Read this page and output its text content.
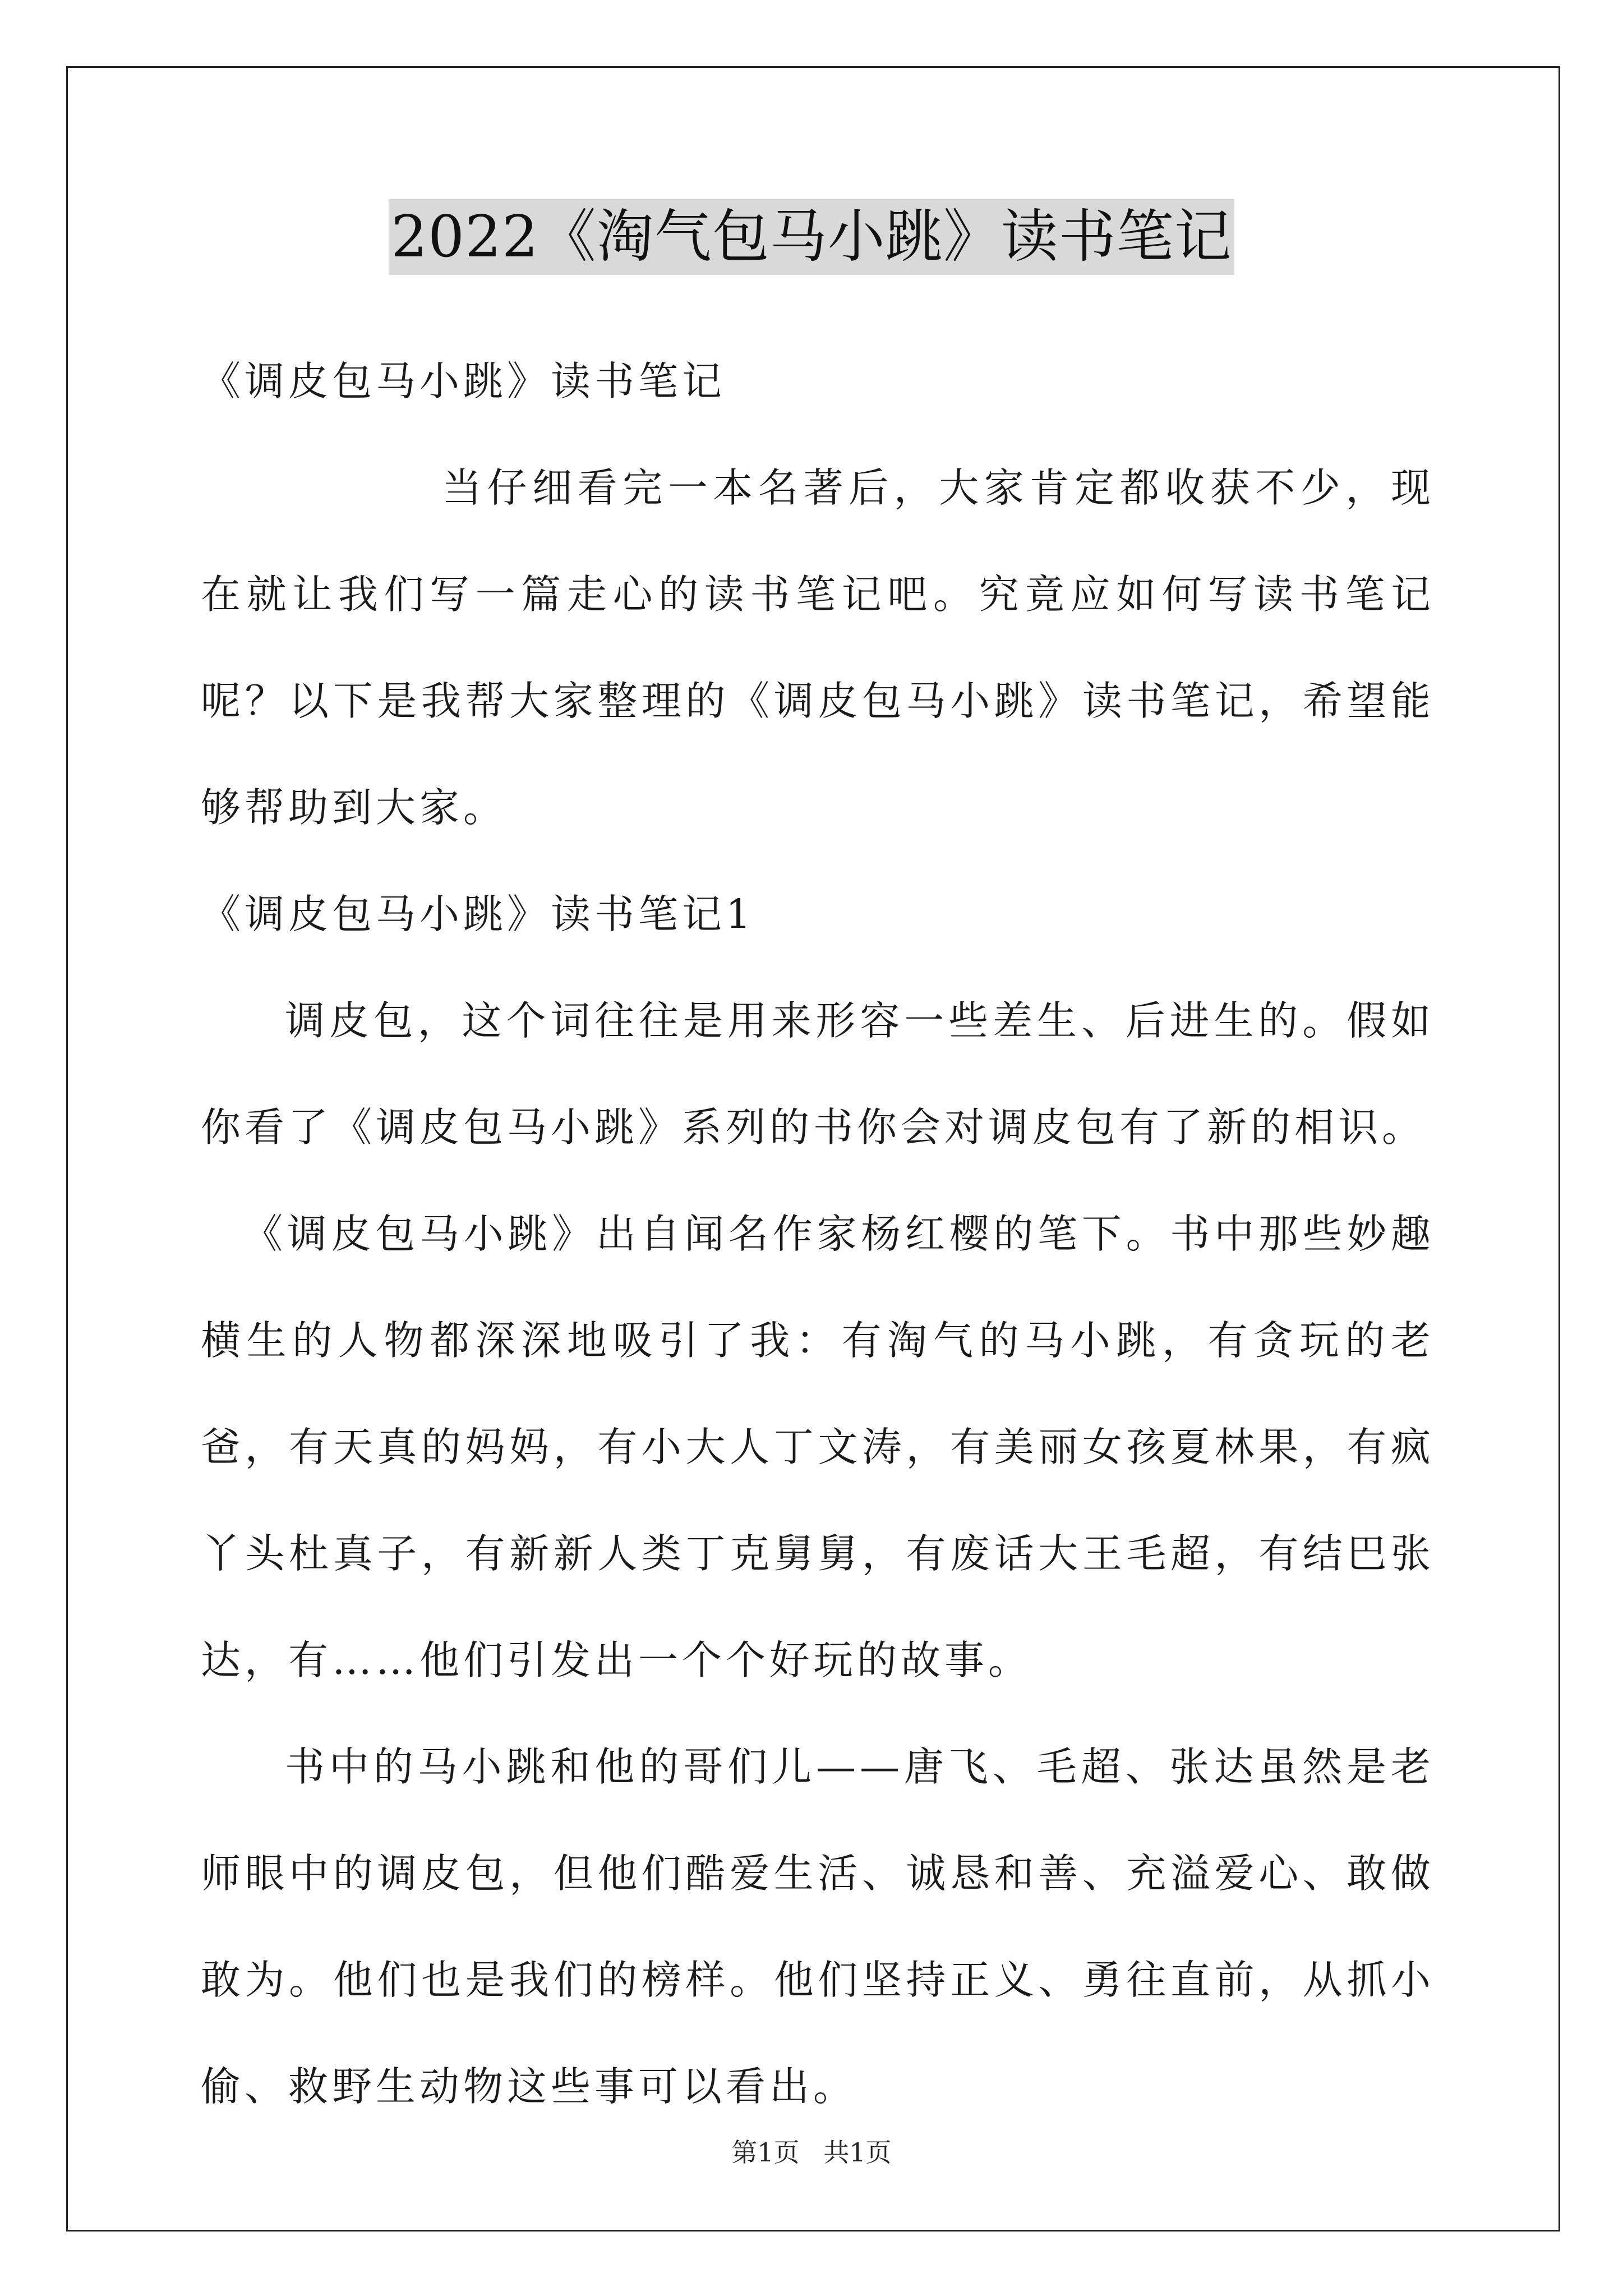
2022《淘气包马小跳》读书笔记

《调皮包马小跳》读书笔记

当仔细看完一本名著后，大家肯定都收获不少，现在就让我们写一篇走心的读书笔记吧。究竟应如何写读书笔记呢？以下是我帮大家整理的《调皮包马小跳》读书笔记，希望能够帮助到大家。

《调皮包马小跳》读书笔记1

调皮包，这个词往往是用来形容一些差生、后进生的。假如你看了《调皮包马小跳》系列的书你会对调皮包有了新的相识。

《调皮包马小跳》出自闻名作家杨红樱的笔下。书中那些妙趣横生的人物都深深地吸引了我：有淘气的马小跳，有贪玩的老爸，有天真的妈妈，有小大人丁文涛，有美丽女孩夏林果，有疯丫头杜真子，有新新人类丁克舅舅，有废话大王毛超，有结巴张达，有……他们引发出一个个好玩的故事。

书中的马小跳和他的哥们儿——唐飞、毛超、张达虽然是老师眼中的调皮包，但他们酷爱生活、诚恳和善、充溢爱心、敢做敢为。他们也是我们的榜样。他们坚持正义、勇往直前，从抓小偷、救野生动物这些事可以看出。

第1页 共1页
